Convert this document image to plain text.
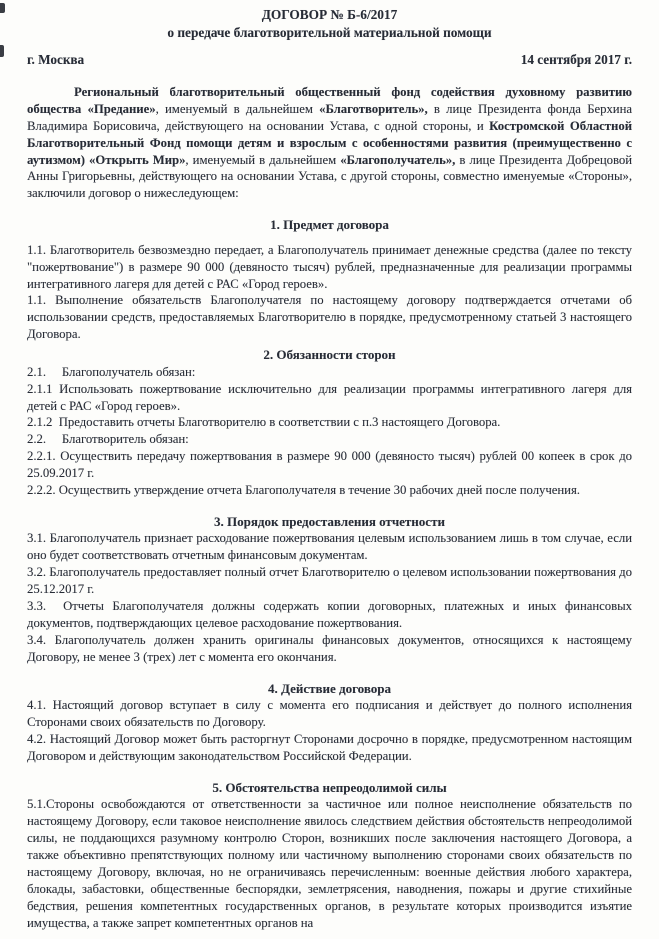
ДОГОВОР № Б-6/2017
о передаче благотворительной материальной помощи
г. Москва	14 сентября 2017 г.

Региональный благотворительный общественный фонд содействия духовному развитию общества «Предание», именуемый в дальнейшем «Благотворитель», в лице Президента фонда Берхина Владимира Борисовича, действующего на основании Устава, с одной стороны, и Костромской Областной Благотворительный Фонд помощи детям и взрослым с особенностями развития (преимущественно с аутизмом) «Открыть Мир», именуемый в дальнейшем «Благополучатель», в лице Президента Добрецовой Анны Григорьевны, действующего на основании Устава, с другой стороны, совместно именуемые «Стороны», заключили договор о нижеследующем:

1. Предмет договора

1.1. Благотворитель безвозмездно передает, а Благополучатель принимает денежные средства (далее по тексту "пожертвование") в размере 90 000 (девяносто тысяч) рублей, предназначенные для реализации программы интегративного лагеря для детей с РАС «Город героев».

1.1. Выполнение обязательств Благополучателя по настоящему договору подтверждается отчетами об использовании средств, предоставляемых Благотворителю в порядке, предусмотренному статьей 3 настоящего Договора.

2. Обязанности сторон

2.1.     Благополучатель обязан:

2.1.1 Использовать пожертвование исключительно для реализации программы интегративного лагеря для детей с РАС «Город героев».

2.1.2  Предоставить отчеты Благотворителю в соответствии с п.3 настоящего Договора.

2.2.     Благотворитель обязан:

2.2.1. Осуществить передачу пожертвования в размере 90 000 (девяносто тысяч) рублей 00 копеек в срок до 25.09.2017 г.

2.2.2. Осуществить утверждение отчета Благополучателя в течение 30 рабочих дней после получения.

3. Порядок предоставления отчетности

3.1. Благополучатель признает расходование пожертвования целевым использованием лишь в том случае, если оно будет соответствовать отчетным финансовым документам.

3.2. Благополучатель предоставляет полный отчет Благотворителю о целевом использовании пожертвования до 25.12.2017 г.

3.3.  Отчеты Благополучателя должны содержать копии договорных, платежных и иных финансовых документов, подтверждающих целевое расходование пожертвования.

3.4. Благополучатель должен хранить оригиналы финансовых документов, относящихся к настоящему Договору, не менее 3 (трех) лет с момента его окончания.

4. Действие договора

4.1. Настоящий договор вступает в силу с момента его подписания и действует до полного исполнения Сторонами своих обязательств по Договору.

4.2. Настоящий Договор может быть расторгнут Сторонами досрочно в порядке, предусмотренном настоящим Договором и действующим законодательством Российской Федерации.

5. Обстоятельства непреодолимой силы

5.1.Стороны освобождаются от ответственности за частичное или полное неисполнение обязательств по настоящему Договору, если таковое неисполнение явилось следствием действия обстоятельств непреодолимой силы, не поддающихся разумному контролю Сторон, возникших после заключения настоящего Договора, а также объективно препятствующих полному или частичному выполнению сторонами своих обязательств по настоящему Договору, включая, но не ограничиваясь перечисленным: военные действия любого характера, блокады, забастовки, общественные беспорядки, землетрясения, наводнения, пожары и другие стихийные бедствия, решения компетентных государственных органов, в результате которых производится изъятие имущества, а также запрет компетентных органов на
